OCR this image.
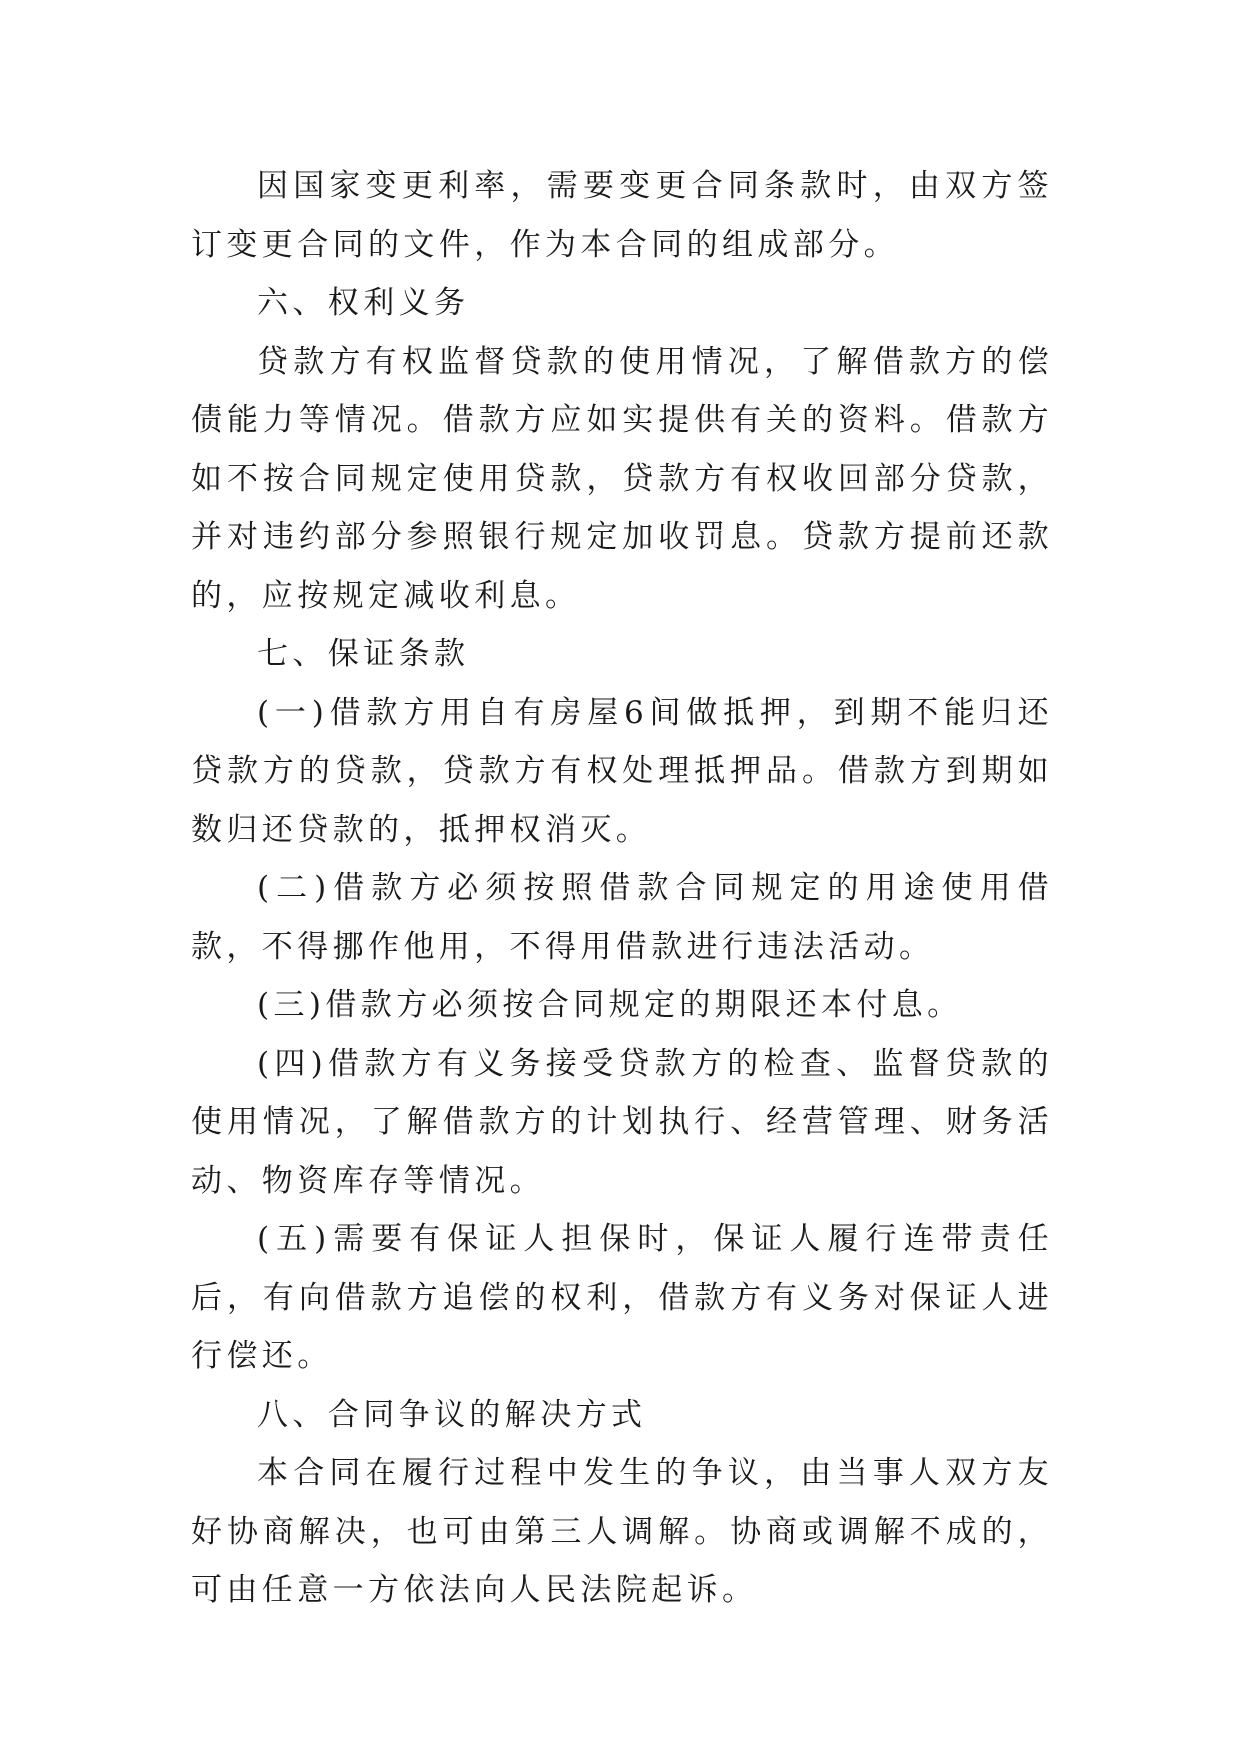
因国家变更利率，需要变更合同条款时，由双方签订变更合同的文件，作为本合同的组成部分。

六、权利义务

贷款方有权监督贷款的使用情况，了解借款方的偿债能力等情况。借款方应如实提供有关的资料。借款方如不按合同规定使用贷款，贷款方有权收回部分贷款，并对违约部分参照银行规定加收罚息。贷款方提前还款的，应按规定减收利息。

七、保证条款

(一)借款方用自有房屋6间做抵押，到期不能归还贷款方的贷款，贷款方有权处理抵押品。借款方到期如数归还贷款的，抵押权消灭。

(二)借款方必须按照借款合同规定的用途使用借款，不得挪作他用，不得用借款进行违法活动。

(三)借款方必须按合同规定的期限还本付息。

(四)借款方有义务接受贷款方的检查、监督贷款的使用情况，了解借款方的计划执行、经营管理、财务活动、物资库存等情况。

(五)需要有保证人担保时，保证人履行连带责任后，有向借款方追偿的权利，借款方有义务对保证人进行偿还。

八、合同争议的解决方式

本合同在履行过程中发生的争议，由当事人双方友好协商解决，也可由第三人调解。协商或调解不成的，可由任意一方依法向人民法院起诉。
